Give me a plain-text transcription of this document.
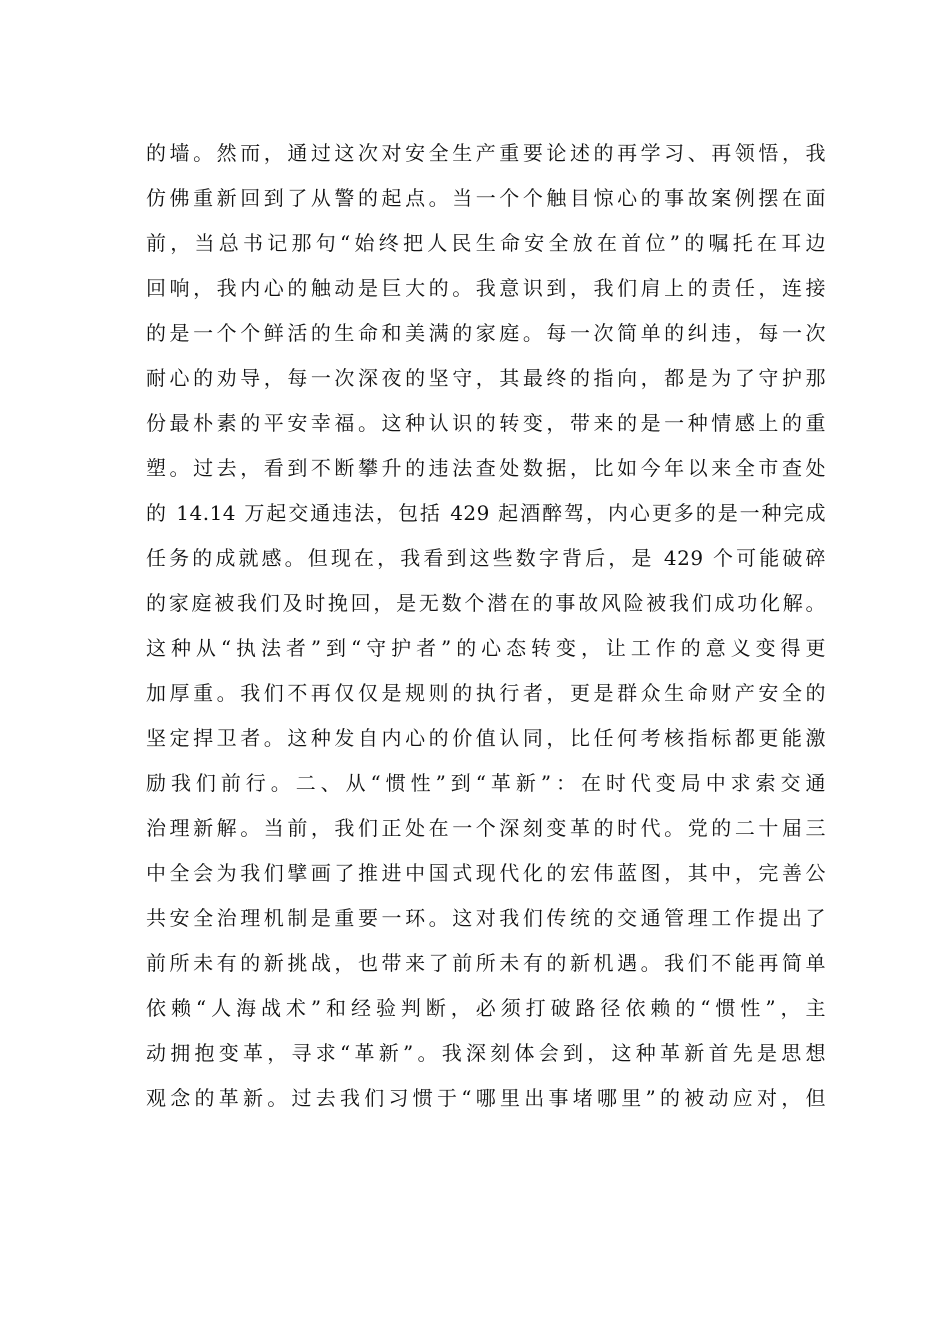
的墙。然而，通过这次对安全生产重要论述的再学习、再领悟，我
仿佛重新回到了从警的起点。当一个个触目惊心的事故案例摆在面
前，当总书记那句“始终把人民生命安全放在首位”的嘱托在耳边
回响，我内心的触动是巨大的。我意识到，我们肩上的责任，连接
的是一个个鲜活的生命和美满的家庭。每一次简单的纠违，每一次
耐心的劝导，每一次深夜的坚守，其最终的指向，都是为了守护那
份最朴素的平安幸福。这种认识的转变，带来的是一种情感上的重
塑。过去，看到不断攀升的违法查处数据，比如今年以来全市查处
的 14.14 万起交通违法，包括 429 起酒醉驾，内心更多的是一种完成
任务的成就感。但现在，我看到这些数字背后，是 429 个可能破碎
的家庭被我们及时挽回，是无数个潜在的事故风险被我们成功化解。
这种从“执法者”到“守护者”的心态转变，让工作的意义变得更
加厚重。我们不再仅仅是规则的执行者，更是群众生命财产安全的
坚定捍卫者。这种发自内心的价值认同，比任何考核指标都更能激
励我们前行。二、从“惯性”到“革新”：在时代变局中求索交通
治理新解。当前，我们正处在一个深刻变革的时代。党的二十届三
中全会为我们擘画了推进中国式现代化的宏伟蓝图，其中，完善公
共安全治理机制是重要一环。这对我们传统的交通管理工作提出了
前所未有的新挑战，也带来了前所未有的新机遇。我们不能再简单
依赖“人海战术”和经验判断，必须打破路径依赖的“惯性”，主
动拥抱变革，寻求“革新”。我深刻体会到，这种革新首先是思想
观念的革新。过去我们习惯于“哪里出事堵哪里”的被动应对，但
